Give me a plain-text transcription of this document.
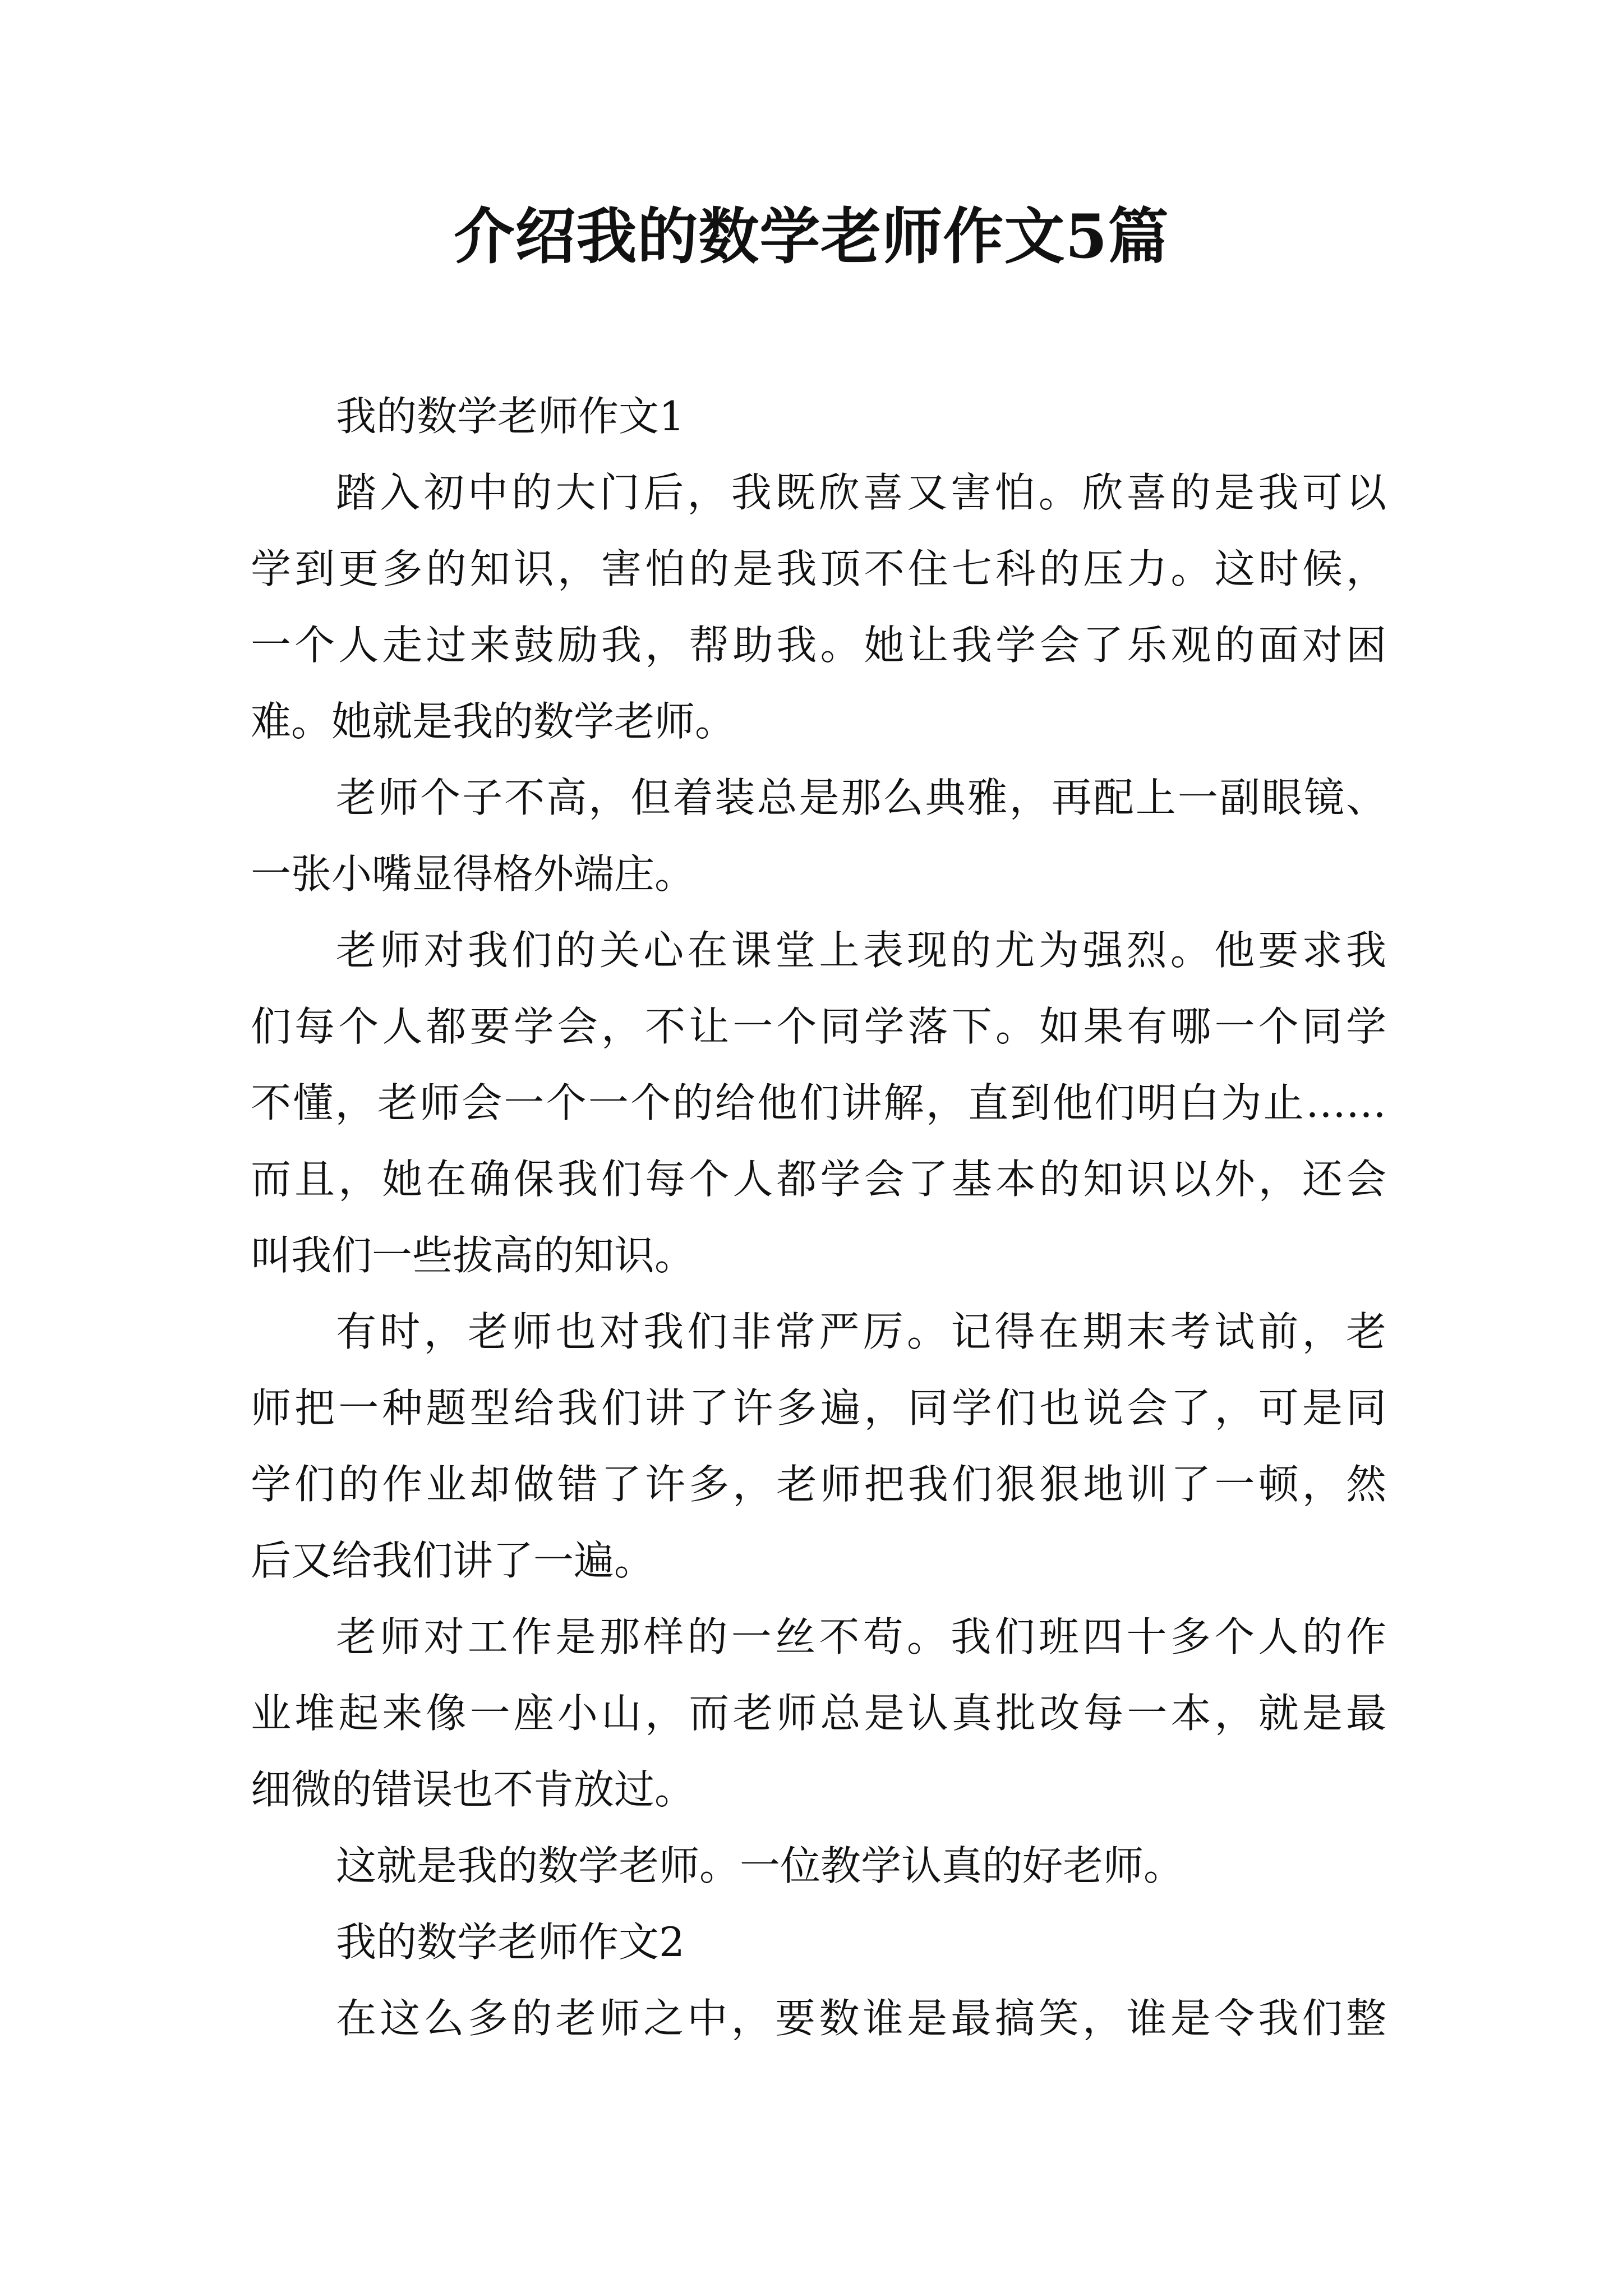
介绍我的数学老师作文5篇
我的数学老师作文1
踏入初中的大门后，我既欣喜又害怕。欣喜的是我可以
学到更多的知识，害怕的是我顶不住七科的压力。这时候，
一个人走过来鼓励我，帮助我。她让我学会了乐观的面对困
难。她就是我的数学老师。
老师个子不高，但着装总是那么典雅，再配上一副眼镜、
一张小嘴显得格外端庄。
老师对我们的关心在课堂上表现的尤为强烈。他要求我
们每个人都要学会，不让一个同学落下。如果有哪一个同学
不懂，老师会一个一个的给他们讲解，直到他们明白为止……
而且，她在确保我们每个人都学会了基本的知识以外，还会
叫我们一些拔高的知识。
有时，老师也对我们非常严厉。记得在期末考试前，老
师把一种题型给我们讲了许多遍，同学们也说会了，可是同
学们的作业却做错了许多，老师把我们狠狠地训了一顿，然
后又给我们讲了一遍。
老师对工作是那样的一丝不苟。我们班四十多个人的作
业堆起来像一座小山，而老师总是认真批改每一本，就是最
细微的错误也不肯放过。
这就是我的数学老师。一位教学认真的好老师。
我的数学老师作文2
在这么多的老师之中，要数谁是最搞笑，谁是令我们整
